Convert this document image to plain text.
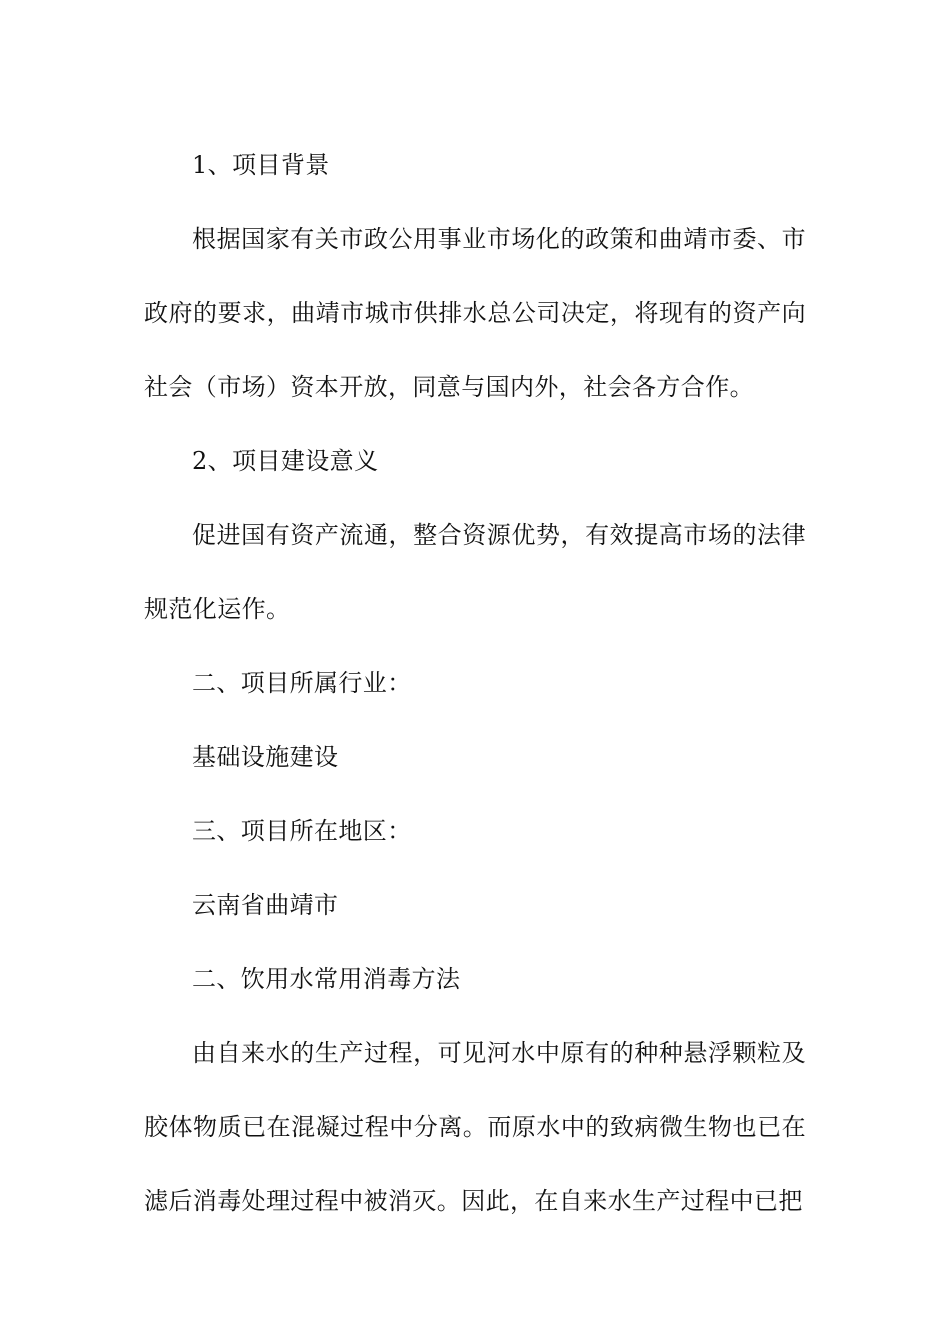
1、项目背景

根据国家有关市政公用事业市场化的政策和曲靖市委、市政府的要求，曲靖市城市供排水总公司决定，将现有的资产向社会（市场）资本开放，同意与国内外，社会各方合作。

2、项目建设意义

促进国有资产流通，整合资源优势，有效提高市场的法律规范化运作。

二、项目所属行业：

基础设施建设

三、项目所在地区：

云南省曲靖市

二、饮用水常用消毒方法

由自来水的生产过程，可见河水中原有的种种悬浮颗粒及胶体物质已在混凝过程中分离。而原水中的致病微生物也已在滤后消毒处理过程中被消灭。因此，在自来水生产过程中已把
